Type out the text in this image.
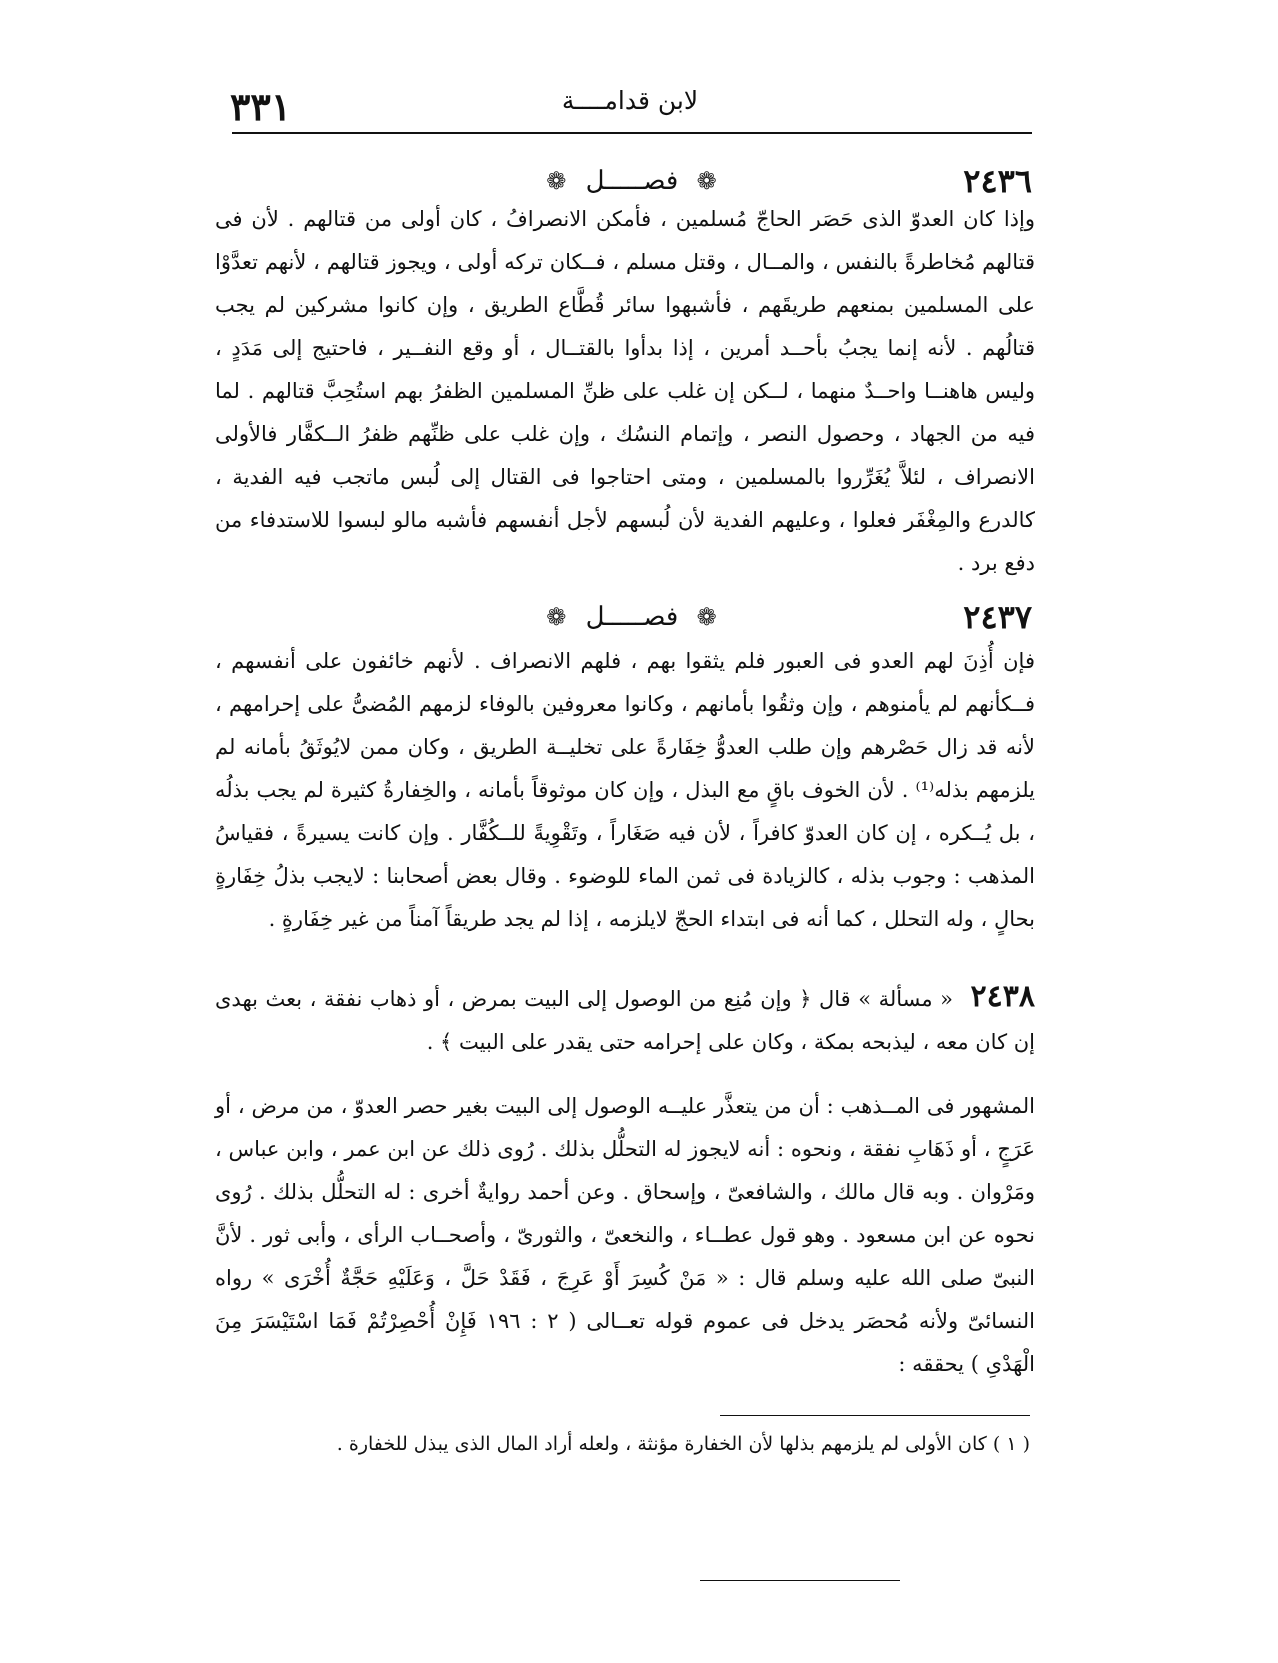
٣٣١	لابن قدامــــة
٢٤٣٦
❁ فصـــــل ❁

وإذا كان العدوّ الذى حَصَر الحاجّ مُسلمين ، فأمكن الانصرافُ ، كان أولى من قتالهم . لأن فى قتالهم مُخاطرةً بالنفس ، والمــال ، وقتل مسلم ، فــكان تركه أولى ، ويجوز قتالهم ، لأنهم تعدَّوْا على المسلمين بمنعهم طريقَهم ، فأشبهوا سائر قُطَّاع الطريق ، وإن كانوا مشركين لم يجب قتالُهم . لأنه إنما يجبُ بأحــد أمرين ، إذا بدأوا بالقتــال ، أو وقع النفــير ، فاحتيج إلى مَدَدٍ ، وليس هاهنــا واحــدٌ منهما ، لــكن إن غلب على ظنِّ المسلمين الظفرُ بهم استُحِبَّ قتالهم . لما فيه من الجهاد ، وحصول النصر ، وإتمام النسُك ، وإن غلب على ظنِّهم ظفرُ الــكفَّار فالأولى الانصراف ، لئلاَّ يُغَرِّروا بالمسلمين ، ومتى احتاجوا فى القتال إلى لُبس ماتجب فيه الفدية ، كالدرع والمِغْفَر فعلوا ، وعليهم الفدية لأن لُبسهم لأجل أنفسهم فأشبه مالو لبسوا للاستدفاء من دفع برد .

٢٤٣٧
❁ فصـــــل ❁

فإن أُذِنَ لهم العدو فى العبور فلم يثقوا بهم ، فلهم الانصراف . لأنهم خائفون على أنفسهم ، فــكأنهم لم يأمنوهم ، وإن وثقُوا بأمانهم ، وكانوا معروفين بالوفاء لزمهم المُضىُّ على إحرامهم ، لأنه قد زال حَصْرهم وإن طلب العدوُّ خِفَارةً على تخليــة الطريق ، وكان ممن لايُوثَقُ بأمانه لم يلزمهم بذله⁽¹⁾ . لأن الخوف باقٍ مع البذل ، وإن كان موثوقاً بأمانه ، والخِفارةُ كثيرة لم يجب بذلُه ، بل يُــكره ، إن كان العدوّ كافراً ، لأن فيه صَغَاراً ، وتَقْوِيةً للــكُفَّار . وإن كانت يسيرةً ، فقياسُ المذهب : وجوب بذله ، كالزيادة فى ثمن الماء للوضوء . وقال بعض أصحابنا : لايجب بذلُ خِفَارةٍ بحالٍ ، وله التحلل ، كما أنه فى ابتداء الحجّ لايلزمه ، إذا لم يجد طريقاً آمناً من غير خِفَارةٍ .

٢٤٣٨ « مسألة » قال ﴿ وإن مُنِع من الوصول إلى البيت بمرض ، أو ذهاب نفقة ، بعث بهدى إن كان معه ، ليذبحه بمكة ، وكان على إحرامه حتى يقدر على البيت ﴾ .

المشهور فى المــذهب : أن من يتعذَّر عليــه الوصول إلى البيت بغير حصر العدوّ ، من مرض ، أو عَرَجٍ ، أو ذَهَابِ نفقة ، ونحوه : أنه لايجوز له التحلُّل بذلك . رُوى ذلك عن ابن عمر ، وابن عباس ، ومَرْوان . وبه قال مالك ، والشافعىّ ، وإسحاق . وعن أحمد روايةٌ أخرى : له التحلُّل بذلك . رُوى نحوه عن ابن مسعود . وهو قول عطــاء ، والنخعىّ ، والثورىّ ، وأصحــاب الرأى ، وأبى ثور . لأنَّ النبىّ صلى الله عليه وسلم قال : « مَنْ كُسِرَ أَوْ عَرِجَ ، فَقَدْ حَلَّ ، وَعَلَيْهِ حَجَّةٌ أُخْرَى » رواه النسائىّ ولأنه مُحصَر يدخل فى عموم قوله تعــالى ( ٢ : ١٩٦ فَإِنْ أُحْصِرْتُمْ فَمَا اسْتَيْسَرَ مِنَ الْهَدْىِ ) يحققه :

( ١ ) كان الأولى لم يلزمهم بذلها لأن الخفارة مؤنثة ، ولعله أراد المال الذى يبذل للخفارة .
